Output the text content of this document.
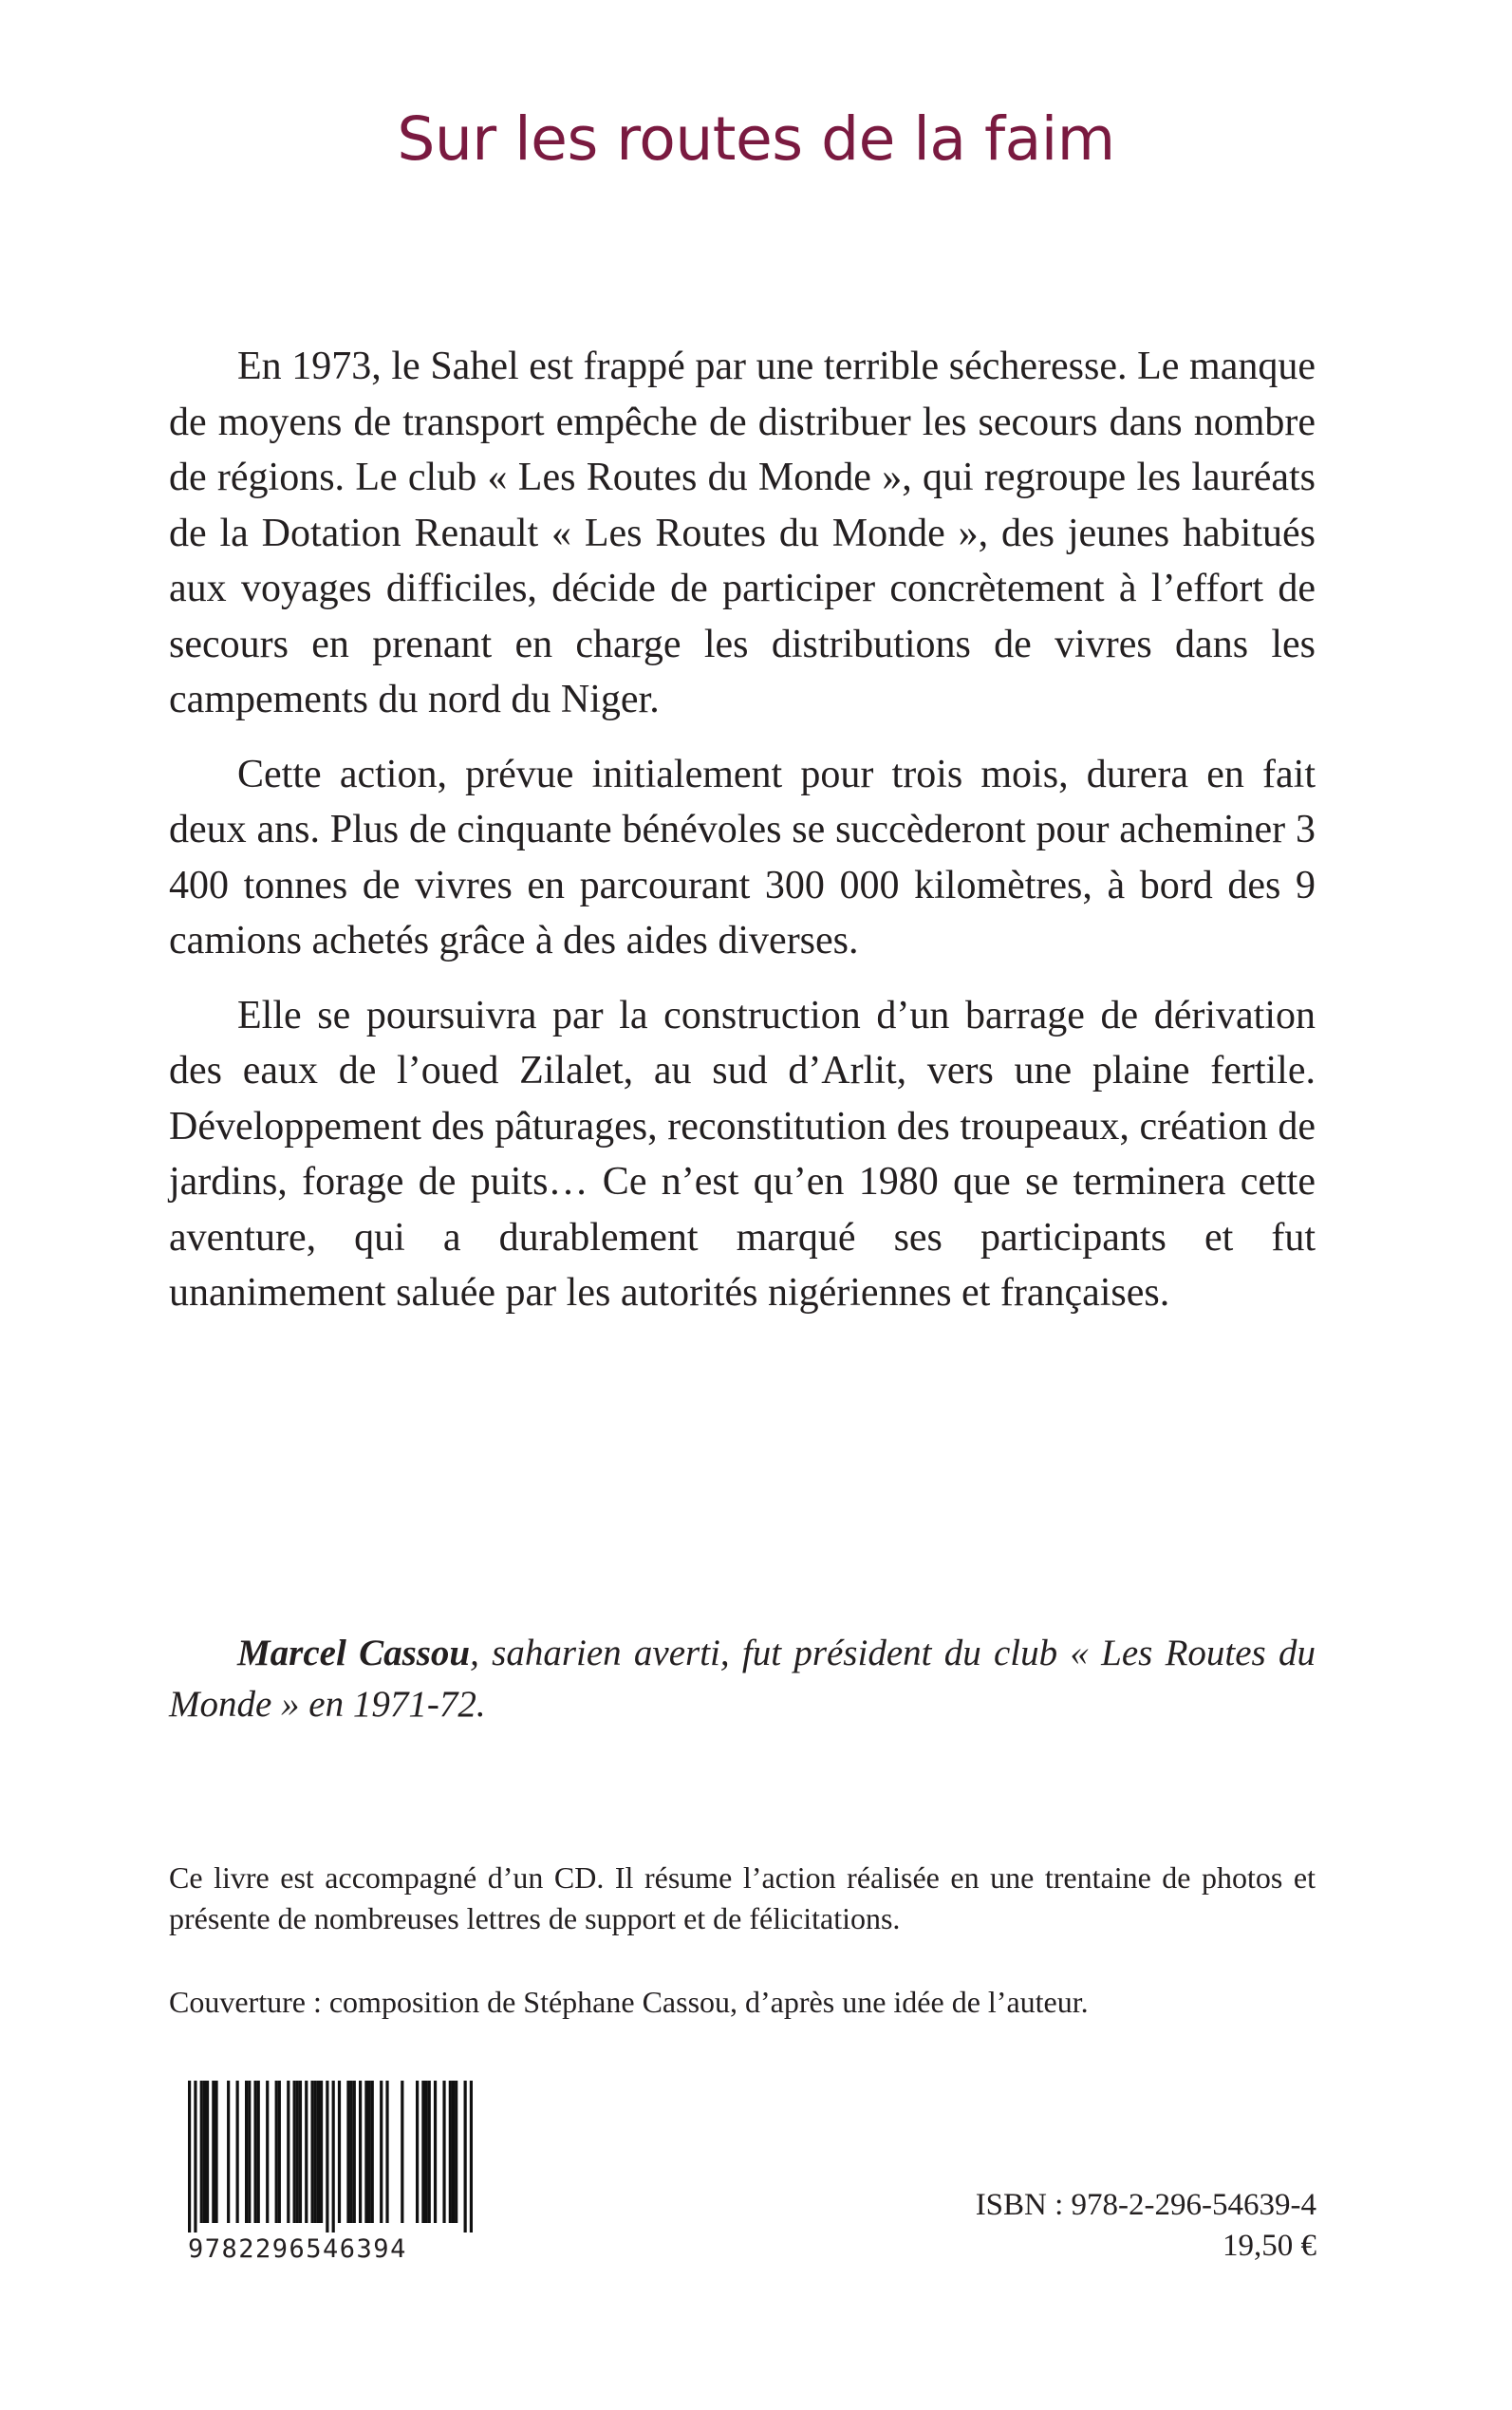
Sur les routes de la faim

En 1973, le Sahel est frappé par une terrible sécheresse. Le manque de moyens de transport empêche de distribuer les secours dans nombre de régions. Le club « Les Routes du Monde », qui regroupe les lauréats de la Dotation Renault « Les Routes du Monde », des jeunes habitués aux voyages difficiles, décide de participer concrètement à l’effort de secours en prenant en charge les distributions de vivres dans les campements du nord du Niger.

Cette action, prévue initialement pour trois mois, durera en fait deux ans. Plus de cinquante bénévoles se succèderont pour acheminer 3 400 tonnes de vivres en parcourant 300 000 kilomètres, à bord des 9 camions achetés grâce à des aides diverses.

Elle se poursuivra par la construction d’un barrage de dérivation des eaux de l’oued Zilalet, au sud d’Arlit, vers une plaine fertile. Développement des pâturages, reconstitution des troupeaux, création de jardins, forage de puits… Ce n’est qu’en 1980 que se terminera cette aventure, qui a durablement marqué ses participants et fut unanimement saluée par les autorités nigériennes et françaises.

Marcel Cassou, saharien averti, fut président du club « Les Routes du Monde » en 1971-72.

Ce livre est accompagné d’un CD. Il résume l’action réalisée en une trentaine de photos et présente de nombreuses lettres de support et de félicitations.

Couverture : composition de Stéphane Cassou, d’après une idée de l’auteur.

9782296546394

ISBN : 978-2-296-54639-4

19,50 €
